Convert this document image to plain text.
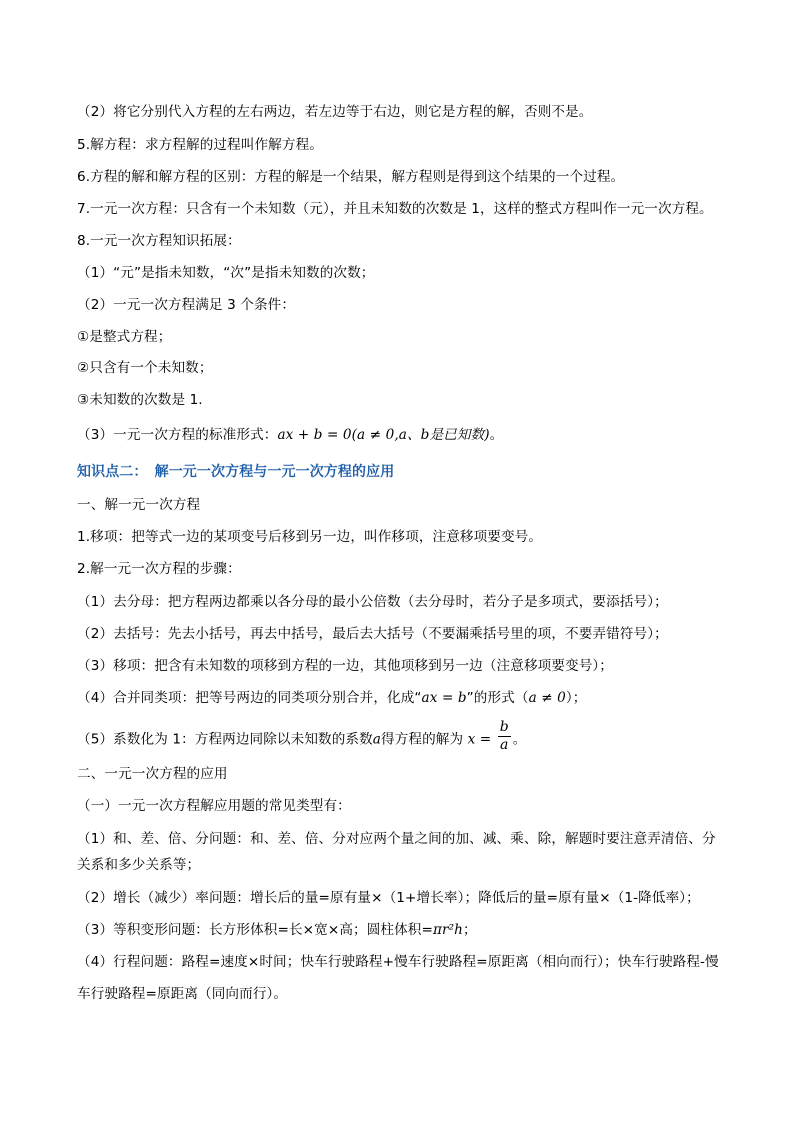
（2）将它分别代入方程的左右两边，若左边等于右边，则它是方程的解，否则不是。
5.解方程：求方程解的过程叫作解方程。
6.方程的解和解方程的区别：方程的解是一个结果，解方程则是得到这个结果的一个过程。
7.一元一次方程：只含有一个未知数（元），并且未知数的次数是 1，这样的整式方程叫作一元一次方程。
8.一元一次方程知识拓展：
（1）“元”是指未知数，“次”是指未知数的次数；
（2）一元一次方程满足 3 个条件：
①是整式方程；
②只含有一个未知数；
③未知数的次数是 1.
（3）一元一次方程的标准形式：ax + b = 0(a ≠ 0,a、b是已知数)。
知识点二：　解一元一次方程与一元一次方程的应用
一、解一元一次方程
1.移项：把等式一边的某项变号后移到另一边，叫作移项，注意移项要变号。
2.解一元一次方程的步骤：
（1）去分母：把方程两边都乘以各分母的最小公倍数（去分母时，若分子是多项式，要添括号）；
（2）去括号：先去小括号，再去中括号，最后去大括号（不要漏乘括号里的项，不要弄错符号）；
（3）移项：把含有未知数的项移到方程的一边，其他项移到另一边（注意移项要变号）；
（4）合并同类项：把等号两边的同类项分别合并，化成“ax = b”的形式（a ≠ 0）；
（5）系数化为 1：方程两边同除以未知数的系数a得方程的解为 $x = \frac{b}{a}$ 。
二、一元一次方程的应用
（一）一元一次方程解应用题的常见类型有：
（1）和、差、倍、分问题：和、差、倍、分对应两个量之间的加、减、乘、除，解题时要注意弄清倍、分
关系和多少关系等；
（2）增长（减少）率问题：增长后的量=原有量×（1+增长率）；降低后的量=原有量×（1-降低率）；
（3）等积变形问题：长方形体积=长×宽×高；圆柱体积=πr²h；
（4）行程问题：路程=速度×时间；快车行驶路程+慢车行驶路程=原距离（相向而行）；快车行驶路程-慢
车行驶路程=原距离（同向而行）。
